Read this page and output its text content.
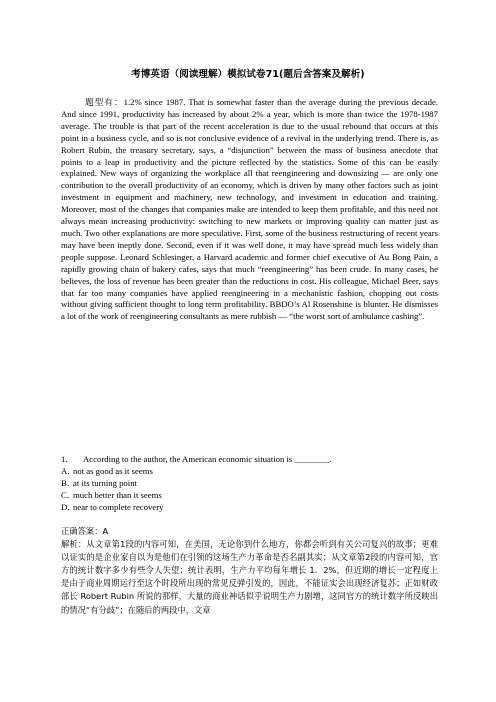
考博英语（阅读理解）模拟试卷71(题后含答案及解析)

题型有：1.2% since 1987. That is somewhat faster than the average during the previous decade. And since 1991, productivity has increased by about 2% a year, which is more than twice the 1978-1987 average. The trouble is that part of the recent acceleration is due to the usual rebound that occurs at this point in a business cycle, and so is not conclusive evidence of a revival in the underlying trend. There is, as Robert Rubin, the treasury secretary, says, a “disjunction” between the mass of business anecdote that points to a leap in productivity and the picture reflected by the statistics. Some of this can be easily explained. New ways of organizing the workplace all that reengineering and downsizing — are only one contribution to the overall productivity of an economy, which is driven by many other factors such as joint investment in equipment and machinery, new technology, and investment in education and training. Moreover, most of the changes that companies make are intended to keep them profitable, and this need not always mean increasing productivity: switching to new markets or improving quality can matter just as much. Two other explanations are more speculative. First, some of the business restructuring of recent years may have been ineptly done. Second, even if it was well done, it may have spread much less widely than people suppose. Leonard Schlesinger, a Harvard academic and former chief executive of Au Bong Pain, a rapidly growing chain of bakery cafes, says that much “reengineering” has been crude. In many cases, he believes, the loss of revenue has been greater than the reductions in cost. His colleague, Michael Beer, says that far too many companies have applied reengineering in a mechanistic fashion, chopping out costs without giving sufficient thought to long term profitability. BBDO’s Al Rosenshine is blunter. He dismisses a lot of the work of reengineering consultants as mere rubbish — “the worst sort of ambulance cashing”.

1． According to the author, the American economic situation is ________.

A．not as good as it seems

B．at its turning point

C．much better than it seems

D．near to complete recovery

正确答案：A

解析：从文章第1段的内容可知，在美国，无论你到什么地方，你都会听到有关公司复兴的故事；更难以证实的是企业家自以为是他们在引领的这场生产力革命是否名副其实；从文章第2段的内容可知，官方的统计数字多少有些令人失望；统计表明，生产力平均每年增长 1．2%，但近期的增长一定程度上是由于商业周期运行至这个时段所出现的常见反弹引发的，因此，不能证实会出现经济复苏；正如财政部长 Robert Rubin 所说的那样，大量的商业神话似乎说明生产力剧增，这同官方的统计数字所反映出的情况“有分歧”；在随后的两段中，文章
